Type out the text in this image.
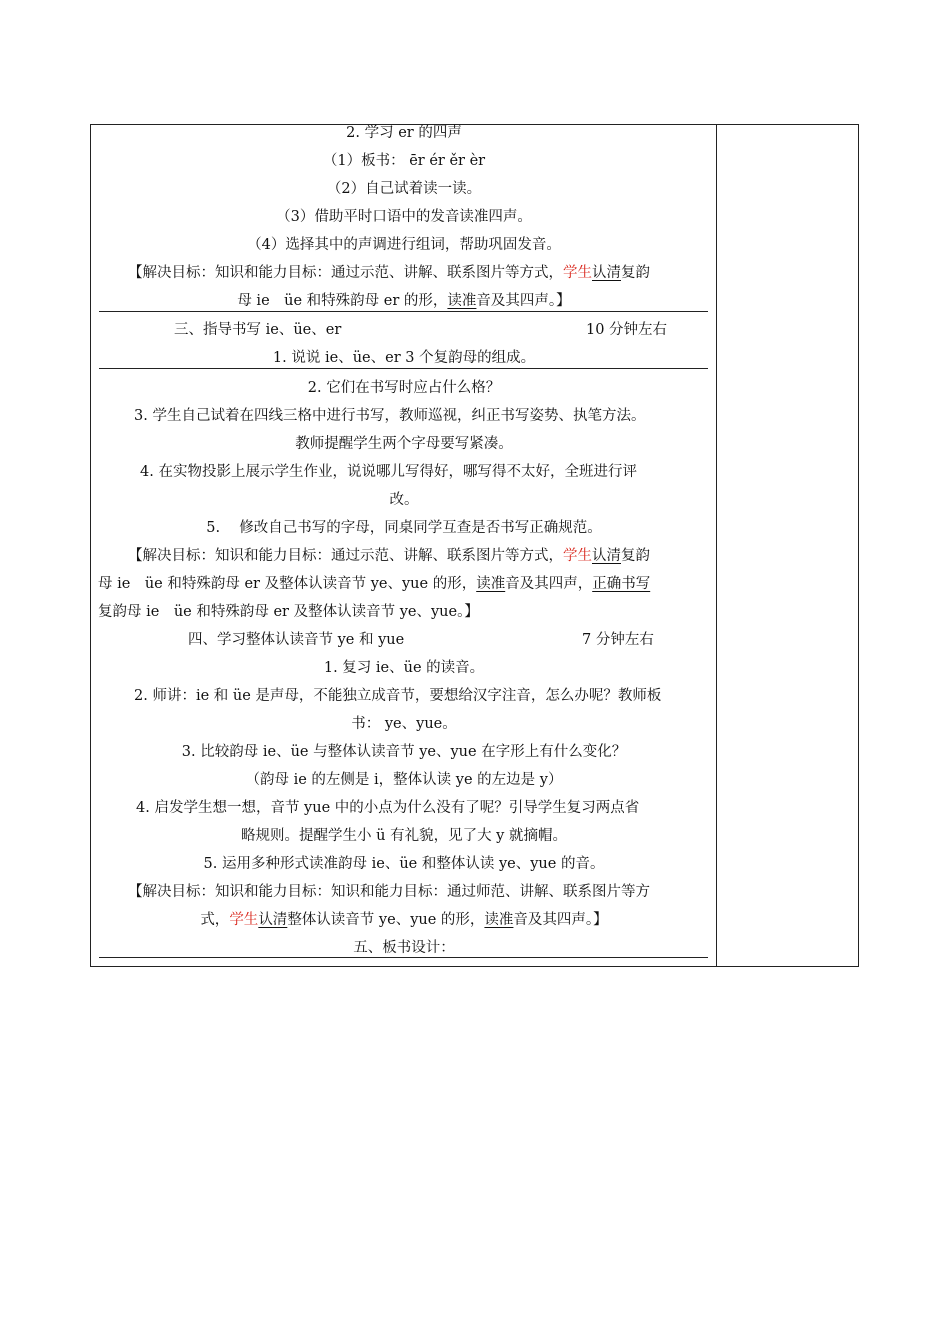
2. 学习 er 的四声
（1）板书： ēr ér ěr èr
（2）自己试着读一读。
（3）借助平时口语中的发音读准四声。
（4）选择其中的声调进行组词，帮助巩固发音。
【解决目标：知识和能力目标：通过示范、讲解、联系图片等方式，学生认清复韵
母 ie　üe 和特殊韵母 er 的形，读准音及其四声。】
三、指导书写 ie、üe、er	10 分钟左右
1. 说说 ie、üe、er 3 个复韵母的组成。
2. 它们在书写时应占什么格？
3. 学生自己试着在四线三格中进行书写，教师巡视，纠正书写姿势、执笔方法。
教师提醒学生两个字母要写紧凑。
4. 在实物投影上展示学生作业，说说哪儿写得好，哪写得不太好，全班进行评
改。
5.　 修改自己书写的字母，同桌同学互查是否书写正确规范。
【解决目标：知识和能力目标：通过示范、讲解、联系图片等方式，学生认清复韵
母 ie　üe 和特殊韵母 er 及整体认读音节 ye、yue 的形，读准音及其四声，正确书写
复韵母 ie　üe 和特殊韵母 er 及整体认读音节 ye、yue。】
四、学习整体认读音节 ye 和 yue	7 分钟左右
1. 复习 ie、üe 的读音。
2. 师讲：ie 和 üe 是声母，不能独立成音节，要想给汉字注音，怎么办呢？教师板
书： ye、yue。
3. 比较韵母 ie、üe 与整体认读音节 ye、yue 在字形上有什么变化？
（韵母 ie 的左侧是 i，整体认读 ye 的左边是 y）
4. 启发学生想一想，音节 yue 中的小点为什么没有了呢？引导学生复习两点省
略规则。提醒学生小 ü 有礼貌，见了大 y 就摘帽。
5. 运用多种形式读准韵母 ie、üe 和整体认读 ye、yue 的音。
【解决目标：知识和能力目标：知识和能力目标：通过师范、讲解、联系图片等方
式，学生认清整体认读音节 ye、yue 的形，读准音及其四声。】
五、板书设计：
